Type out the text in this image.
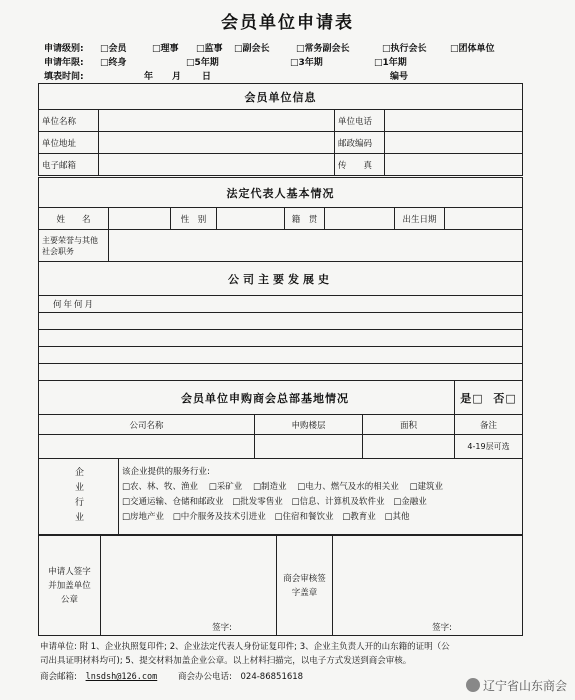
会员单位申请表
申请级别: □会员	□理事 □监事 □副会长	□常务副会长	□执行会长	□团体单位
申请年限: □终身	□5年期	□3年期	□1年期
填表时间:	年 月 日	编号
会员单位信息			
单位名称		单位电话	
单位地址		邮政编码	
电子邮箱		传　　真	
法定代表人基本情况							
姓　　名		性　别		籍　贯		出生日期	
主要荣誉与其他社会职务							
公司主要发展史
何年何月

会员单位申购商会总部基地情况				是□ 否□
公司名称		申购楼层	面积	备注
				4-19层可选
企业行业	该企业提供的服务行业:
□农、林、牧、渔业 □采矿业 □制造业 □电力、燃气及水的相关业 □建筑业
□交通运输、仓储和邮政业 □批发零售业 □信息、计算机及软件业 □金融业
□房地产业 □中介服务及技术引进业 □住宿和餐饮业 □教育业 □其他			
申请人签字并加盖单位公章	签字:	商会审核签字盖章	签字:
申请单位: 附 1、企业执照复印件; 2、企业法定代表人身份证复印件; 3、企业主负责人开的山东籍的证明（公
司出具证明材料均可); 5、提交材料加盖企业公章。以上材料扫描完，以电子方式发送到商会审核。
商会邮箱: lnsdsh@126.com 商会办公电话: 024-86851618
辽宁省山东商会
